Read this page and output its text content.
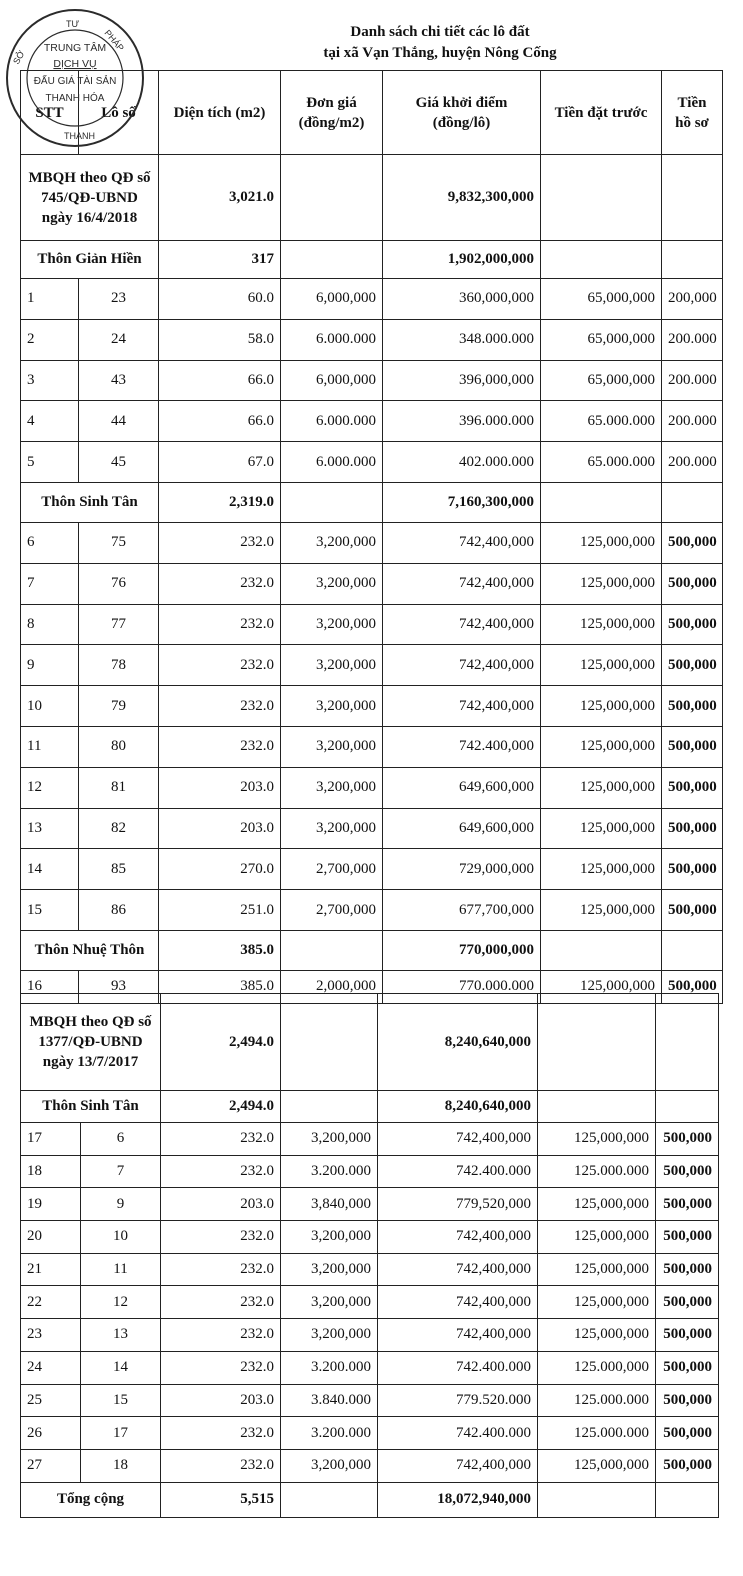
Danh sách chi tiết các lô đất
tại xã Vạn Thắng, huyện Nông Cống
STT	Lô số	Diện tích (m2)	Đơn giá (đồng/m2)	Giá khởi điểm (đồng/lô)	Tiền đặt trước	Tiền hồ sơ
MBQH theo QĐ số 745/QĐ-UBND ngày 16/4/2018		3,021.0		9,832,300,000		
Thôn Giản Hiền		317		1,902,000,000		
1	23	60.0	6,000,000	360,000,000	65,000,000	200,000
2	24	58.0	6.000.000	348.000.000	65,000,000	200.000
3	43	66.0	6,000,000	396,000,000	65,000,000	200.000
4	44	66.0	6.000.000	396.000.000	65.000.000	200.000
5	45	67.0	6.000.000	402.000.000	65.000.000	200.000
Thôn Sinh Tân		2,319.0		7,160,300,000		
6	75	232.0	3,200,000	742,400,000	125,000,000	500,000
7	76	232.0	3,200,000	742,400,000	125,000,000	500,000
8	77	232.0	3,200,000	742,400,000	125,000,000	500,000
9	78	232.0	3,200,000	742,400,000	125,000,000	500,000
10	79	232.0	3,200,000	742,400,000	125,000,000	500,000
11	80	232.0	3,200,000	742.400,000	125,000,000	500,000
12	81	203.0	3,200,000	649,600,000	125,000,000	500,000
13	82	203.0	3,200,000	649,600,000	125,000,000	500,000
14	85	270.0	2,700,000	729,000,000	125,000,000	500,000
15	86	251.0	2,700,000	677,700,000	125,000,000	500,000
Thôn Nhuệ Thôn		385.0		770,000,000		
16	93	385.0	2,000,000	770.000.000	125,000,000	500,000
MBQH theo QĐ số 1377/QĐ-UBND ngày 13/7/2017		2,494.0		8,240,640,000		
Thôn Sinh Tân		2,494.0		8,240,640,000		
17	6	232.0	3,200,000	742,400,000	125,000,000	500,000
18	7	232.0	3.200.000	742.400.000	125.000.000	500,000
19	9	203.0	3,840,000	779,520,000	125,000,000	500,000
20	10	232.0	3,200,000	742,400,000	125,000,000	500,000
21	11	232.0	3,200,000	742,400,000	125,000,000	500,000
22	12	232.0	3,200,000	742,400,000	125,000,000	500,000
23	13	232.0	3,200,000	742,400,000	125,000,000	500,000
24	14	232.0	3.200.000	742.400.000	125.000,000	500,000
25	15	203.0	3.840.000	779.520.000	125.000.000	500,000
26	17	232.0	3.200.000	742.400.000	125.000.000	500,000
27	18	232.0	3,200,000	742,400,000	125,000,000	500,000
Tổng cộng		5,515		18,072,940,000		
TƯ
SỞ
PHÁP
THANH
TRUNG TÂM
DỊCH VỤ
ĐẤU GIÁ TÀI SẢN
THANH HÓA
